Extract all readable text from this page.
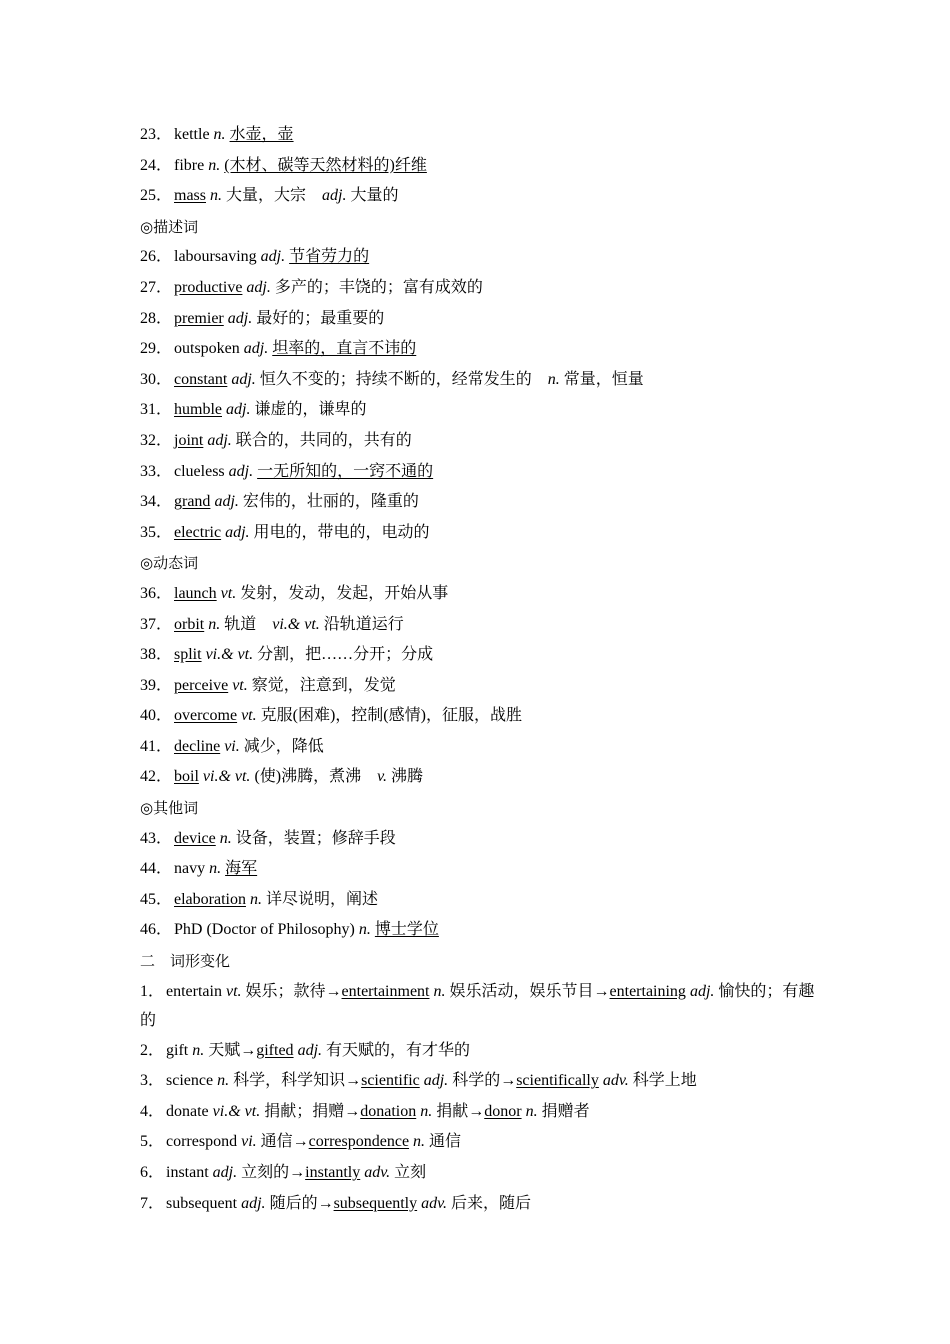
23． kettle n. 水壶，壶
24． fibre n. (木材、碳等天然材料的)纤维
25． mass n. 大量，大宗 adj. 大量的
◎描述词
26． laboursaving adj. 节省劳力的
27． productive adj. 多产的；丰饶的；富有成效的
28． premier adj. 最好的；最重要的
29． outspoken adj. 坦率的，直言不讳的
30． constant adj. 恒久不变的；持续不断的，经常发生的 n. 常量，恒量
31． humble adj. 谦虚的，谦卑的
32． joint adj. 联合的，共同的，共有的
33． clueless adj. 一无所知的，一窍不通的
34． grand adj. 宏伟的，壮丽的，隆重的
35． electric adj. 用电的，带电的，电动的
◎动态词
36． launch vt. 发射，发动，发起，开始从事
37． orbit n. 轨道 vi.& vt. 沿轨道运行
38． split vi.& vt. 分割，把……分开；分成
39． perceive vt. 察觉，注意到，发觉
40． overcome vt. 克服(困难)，控制(感情)，征服，战胜
41． decline vi. 减少，降低
42． boil vi.& vt. (使)沸腾，煮沸 v. 沸腾
◎其他词
43． device n. 设备，装置；修辞手段
44． navy n. 海军
45． elaboration n. 详尽说明，阐述
46． PhD (Doctor of Philosophy) n. 博士学位
二　词形变化
1． entertain vt. 娱乐；款待→entertainment n. 娱乐活动，娱乐节目→entertaining adj. 愉快的；有趣的
2． gift n. 天赋→gifted adj. 有天赋的，有才华的
3． science n. 科学，科学知识→scientific adj. 科学的→scientifically adv. 科学上地
4． donate vi.& vt. 捐献；捐赠→donation n. 捐献→donor n. 捐赠者
5． correspond vi. 通信→correspondence n. 通信
6． instant adj. 立刻的→instantly adv. 立刻
7． subsequent adj. 随后的→subsequently adv. 后来，随后
